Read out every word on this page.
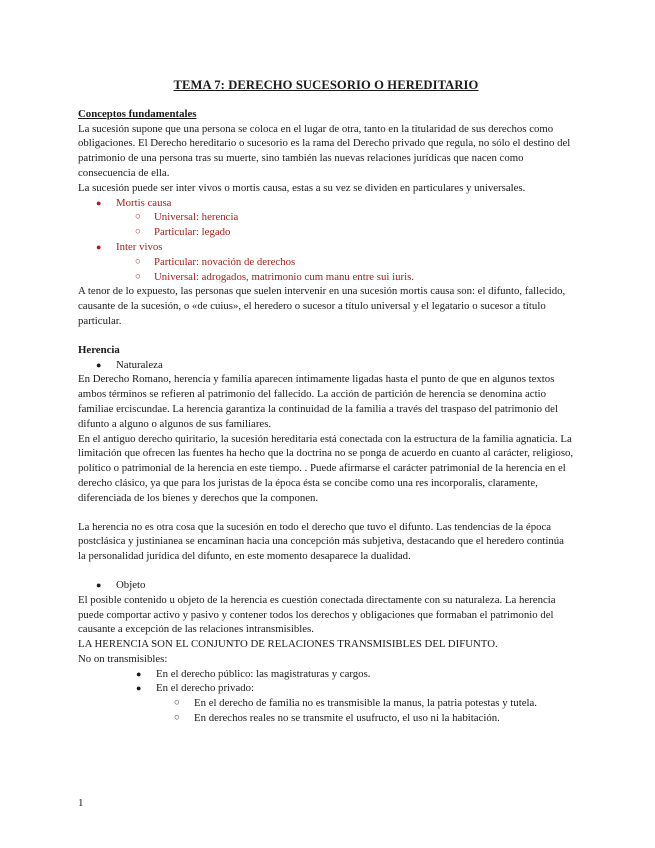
TEMA 7: DERECHO SUCESORIO O HEREDITARIO

Conceptos fundamentales

La sucesión supone que una persona se coloca en el lugar de otra, tanto en la titularidad de sus derechos como obligaciones. El Derecho hereditario o sucesorio es la rama del Derecho privado que regula, no sólo el destino del patrimonio de una persona tras su muerte, sino también las nuevas relaciones jurídicas que nacen como consecuencia de ella.

La sucesión puede ser inter vivos o mortis causa, estas a su vez se dividen en particulares y universales.

● Mortis causa
○ Universal: herencia
○ Particular: legado
● Inter vivos
○ Particular: novación de derechos
○ Universal: adrogados, matrimonio cum manu entre sui iuris.

A tenor de lo expuesto, las personas que suelen intervenir en una sucesión mortis causa son: el difunto, fallecido, causante de la sucesión, o «de cuius», el heredero o sucesor a título universal y el legatario o sucesor a título particular.

Herencia

● Naturaleza

En Derecho Romano, herencia y familia aparecen íntimamente ligadas hasta el punto de que en algunos textos ambos términos se refieren al patrimonio del fallecido. La acción de partición de herencia se denomina actio familiae erciscundae. La herencia garantiza la continuidad de la familia a través del traspaso del patrimonio del difunto a alguno o algunos de sus familiares.

En el antiguo derecho quiritario, la sucesión hereditaria está conectada con la estructura de la familia agnaticia. La limitación que ofrecen las fuentes ha hecho que la doctrina no se ponga de acuerdo en cuanto al carácter, religioso, político o patrimonial de la herencia en este tiempo. . Puede afirmarse el carácter patrimonial de la herencia en el derecho clásico, ya que para los juristas de la época ésta se concibe como una res incorporalis, claramente, diferenciada de los bienes y derechos que la componen.

La herencia no es otra cosa que la sucesión en todo el derecho que tuvo el difunto. Las tendencias de la época postclásica y justinianea se encaminan hacia una concepción más subjetiva, destacando que el heredero continúa la personalidad jurídica del difunto, en este momento desaparece la dualidad.

● Objeto

El posible contenido u objeto de la herencia es cuestión conectada directamente con su naturaleza. La herencia puede comportar activo y pasivo y contener todos los derechos y obligaciones que formaban el patrimonio del causante a excepción de las relaciones intransmisibles.

LA HERENCIA SON EL CONJUNTO DE RELACIONES TRANSMISIBLES DEL DIFUNTO.

No on transmisibles:

● En el derecho público: las magistraturas y cargos.
● En el derecho privado:
○ En el derecho de familia no es transmisible la manus, la patria potestas y tutela.
○ En derechos reales no se transmite el usufructo, el uso ni la habitación.
1
